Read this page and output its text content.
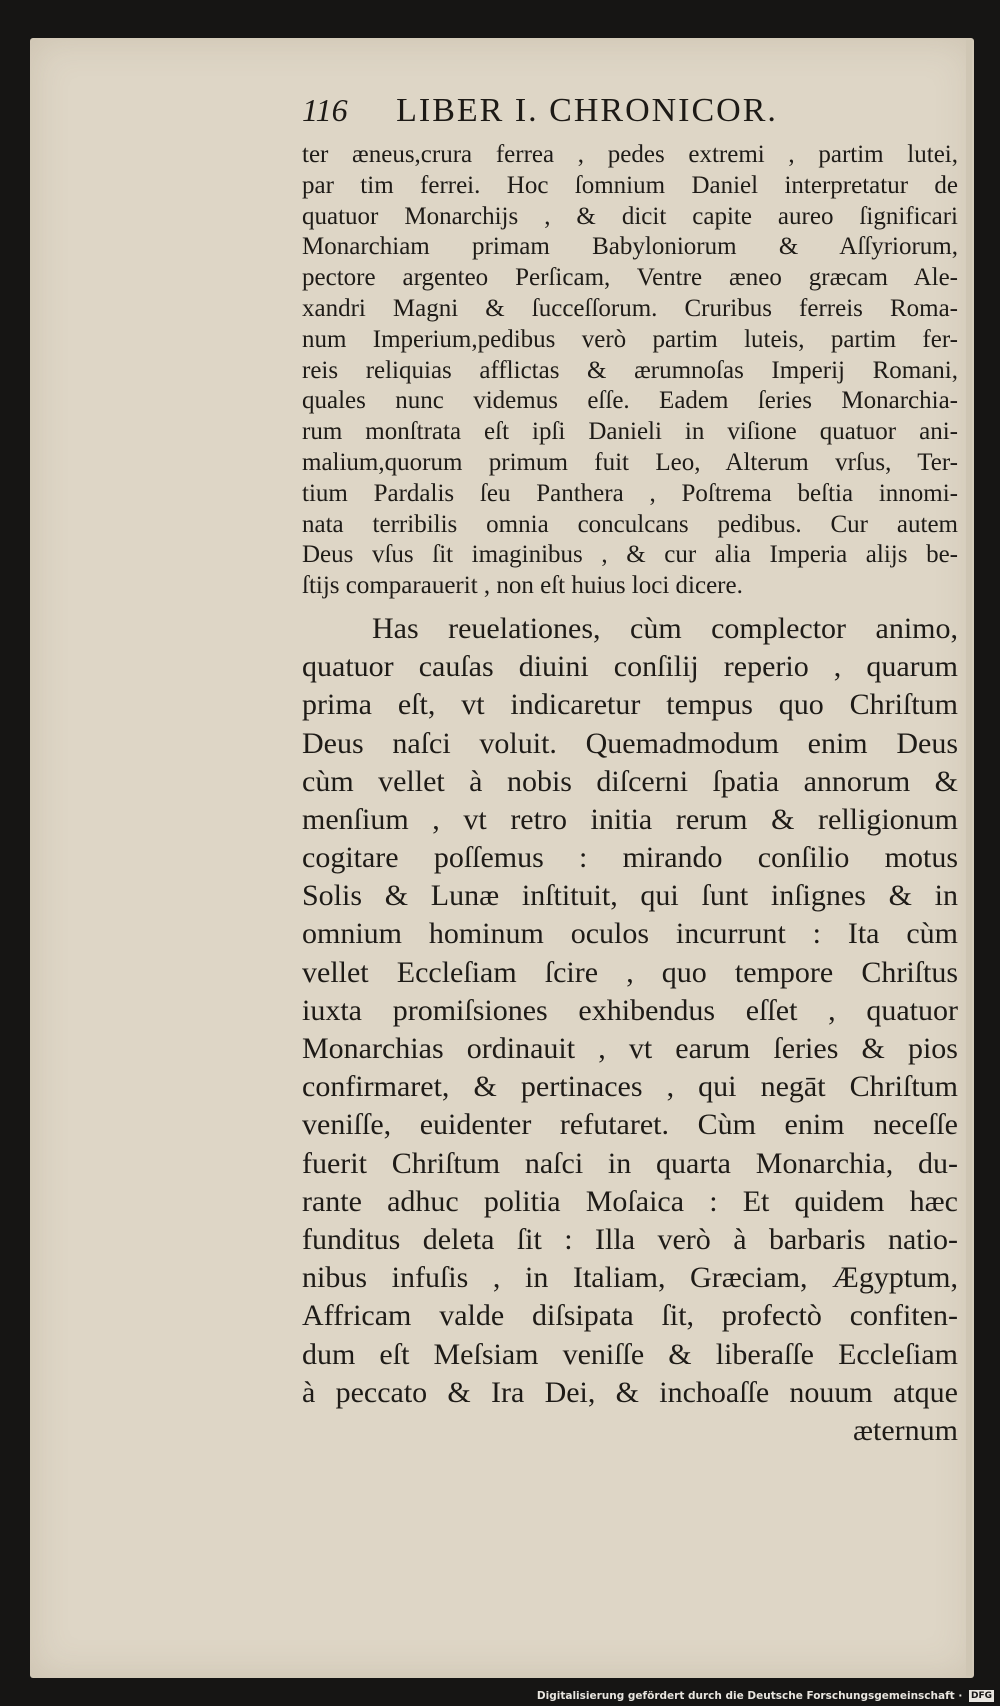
116 LIBER I. CHRONICOR.
ter æneus,crura ferrea , pedes extremi , partim lutei,
par tim ferrei. Hoc ſomnium Daniel interpretatur de
quatuor Monarchijs , & dicit capite aureo ſignificari
Monarchiam primam Babyloniorum & Aſſyriorum,
pectore argenteo Perſicam, Ventre æneo græcam Ale-
xandri Magni & ſucceſſorum. Cruribus ferreis Roma-
num Imperium,pedibus verò partim luteis, partim fer-
reis reliquias afflictas & ærumnoſas Imperij Romani,
quales nunc videmus eſſe. Eadem ſeries Monarchia-
rum monſtrata eſt ipſi Danieli in viſione quatuor ani-
malium,quorum primum fuit Leo, Alterum vrſus, Ter-
tium Pardalis ſeu Panthera , Poſtrema beſtia innomi-
nata terribilis omnia conculcans pedibus. Cur autem
Deus vſus ſit imaginibus , & cur alia Imperia alijs be-
ſtijs comparauerit , non eſt huius loci dicere.
Has reuelationes, cùm complector animo,
quatuor cauſas diuini conſilij reperio , quarum
prima eſt, vt indicaretur tempus quo Chriſtum
Deus naſci voluit. Quemadmodum enim Deus
cùm vellet à nobis diſcerni ſpatia annorum &
menſium , vt retro initia rerum & relligionum
cogitare poſſemus : mirando conſilio motus
Solis & Lunæ inſtituit, qui ſunt inſignes & in
omnium hominum oculos incurrunt : Ita cùm
vellet Eccleſiam ſcire , quo tempore Chriſtus
iuxta promiſsiones exhibendus eſſet , quatuor
Monarchias ordinauit , vt earum ſeries & pios
confirmaret, & pertinaces , qui negāt Chriſtum
veniſſe, euidenter refutaret. Cùm enim neceſſe
fuerit Chriſtum naſci in quarta Monarchia, du-
rante adhuc politia Moſaica : Et quidem hæc
funditus deleta ſit : Illa verò à barbaris natio-
nibus infuſis , in Italiam, Græciam, Ægyptum,
Affricam valde diſsipata ſit, profectò confiten-
dum eſt Meſsiam veniſſe & liberaſſe Eccleſiam
à peccato & Ira Dei, & inchoaſſe nouum atque
æternum
Digitalisierung gefördert durch die Deutsche Forschungsgemeinschaft · DFG
